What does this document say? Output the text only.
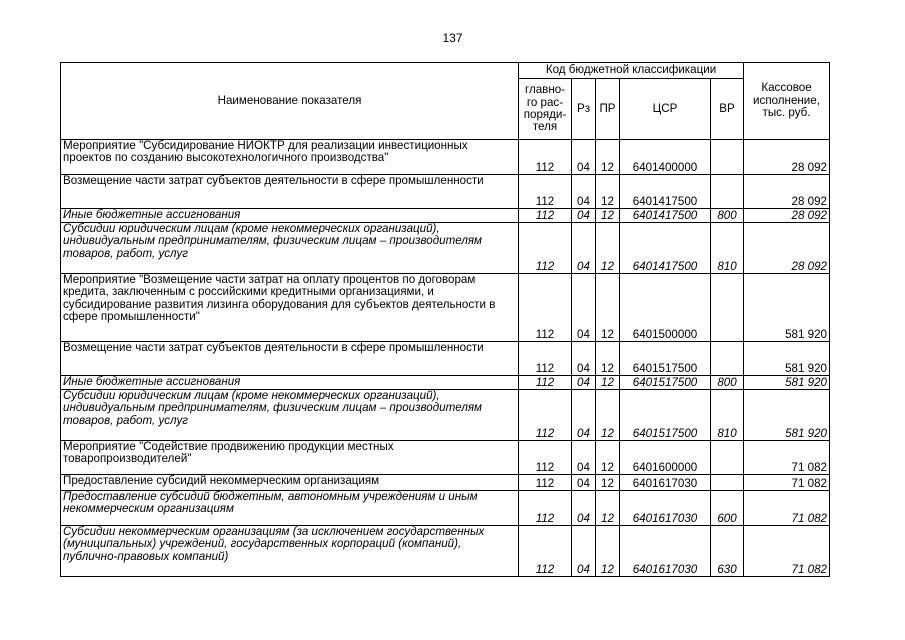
137
Наименование показателя	Код бюджетной классификации					Кассовое исполнение, тыс. руб.
	главно-го рас-поряди-теля	Рз	ПР	ЦСР	ВР	
Мероприятие "Субсидирование НИОКТР для реализации инвестиционных проектов по созданию высокотехнологичного производства"	112	04	12	6401400000		28 092
Возмещение части затрат субъектов деятельности в сфере промышленности	112	04	12	6401417500		28 092
Иные бюджетные ассигнования	112	04	12	6401417500	800	28 092
Субсидии юридическим лицам (кроме некоммерческих организаций), индивидуальным предпринимателям, физическим лицам – производителям товаров, работ, услуг	112	04	12	6401417500	810	28 092
Мероприятие "Возмещение части затрат на оплату процентов по договорам кредита, заключенным с российскими кредитными организациями, и субсидирование развития лизинга оборудования для субъектов деятельности в сфере промышленности"	112	04	12	6401500000		581 920
Возмещение части затрат субъектов деятельности в сфере промышленности	112	04	12	6401517500		581 920
Иные бюджетные ассигнования	112	04	12	6401517500	800	581 920
Субсидии юридическим лицам (кроме некоммерческих организаций), индивидуальным предпринимателям, физическим лицам – производителям товаров, работ, услуг	112	04	12	6401517500	810	581 920
Мероприятие "Содействие продвижению продукции местных товаропроизводителей"	112	04	12	6401600000		71 082
Предоставление субсидий некоммерческим организациям	112	04	12	6401617030		71 082
Предоставление субсидий бюджетным, автономным учреждениям и иным некоммерческим организациям	112	04	12	6401617030	600	71 082
Субсидии некоммерческим организациям (за исключением государственных (муниципальных) учреждений, государственных корпораций (компаний), публично-правовых компаний)	112	04	12	6401617030	630	71 082
